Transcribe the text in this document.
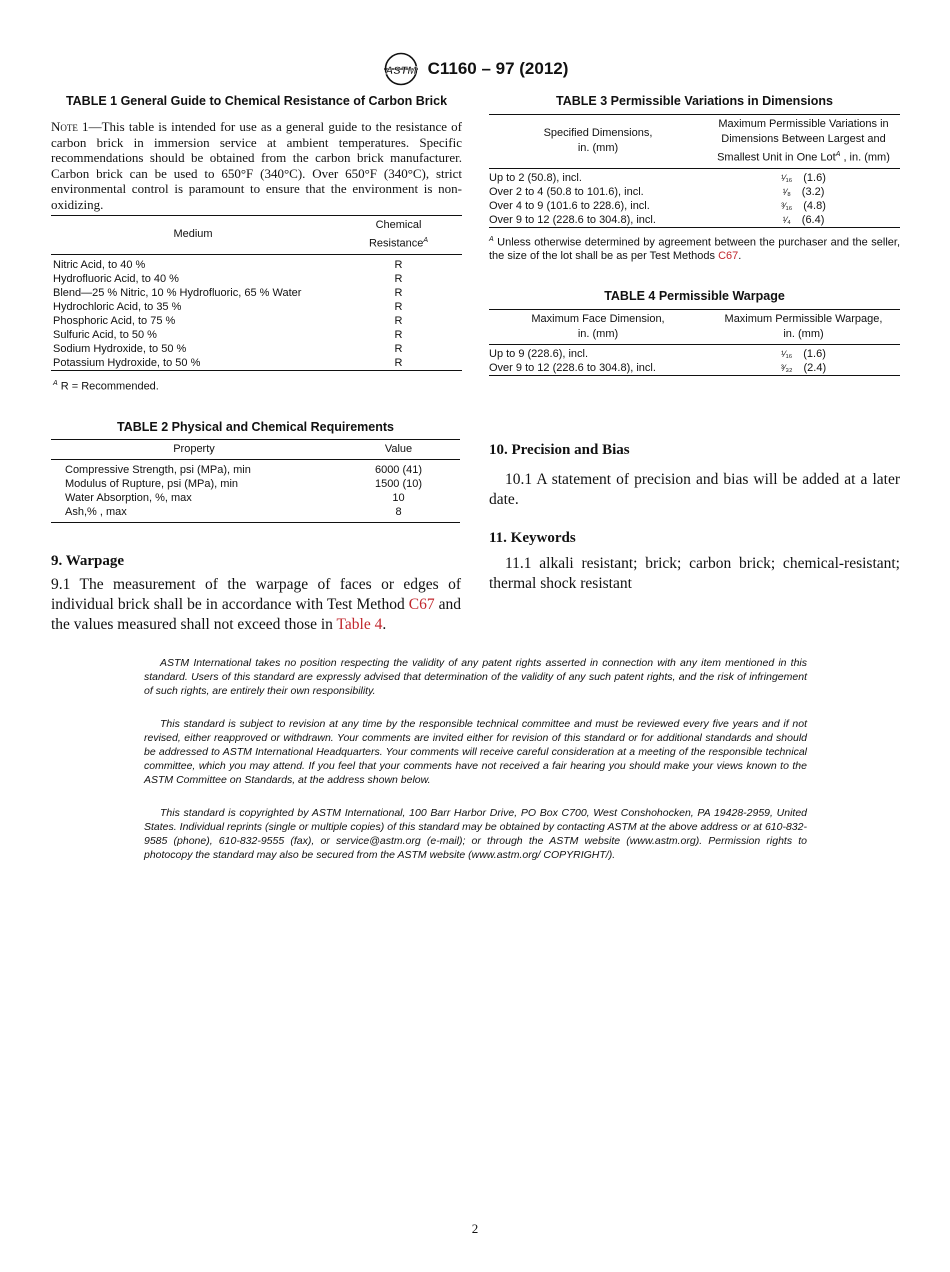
ASTM C1160 – 97 (2012)
TABLE 1 General Guide to Chemical Resistance of Carbon Brick
Note 1—This table is intended for use as a general guide to the resistance of carbon brick in immersion service at ambient temperatures. Specific recommendations should be obtained from the carbon brick manufacturer. Carbon brick can be used to 650°F (340°C). Over 650°F (340°C), strict environmental control is paramount to ensure that the environment is non-oxidizing.
Medium	Chemical
Resistance$^A$
Nitric Acid, to 40 %	R
Hydrofluoric Acid, to 40 %	R
Blend—25 % Nitric, 10 % Hydrofluoric, 65 % Water	R
Hydrochloric Acid, to 35 %	R
Phosphoric Acid, to 75 %	R
Sulfuric Acid, to 50 %	R
Sodium Hydroxide, to 50 %	R
Potassium Hydroxide, to 50 %	R
$^A$ R = Recommended.
TABLE 2 Physical and Chemical Requirements
Property	Value
Compressive Strength, psi (MPa), min	6000 (41)
Modulus of Rupture, psi (MPa), min	1500 (10)
Water Absorption, %, max	10
Ash,% , max	8
9. Warpage
9.1 The measurement of the warpage of faces or edges of individual brick shall be in accordance with Test Method C67 and the values measured shall not exceed those in Table 4.
TABLE 3 Permissible Variations in Dimensions
Specified Dimensions,
in. (mm)	Maximum Permissible Variations in
Dimensions Between Largest and
Smallest Unit in One Lot$^A$ , in. (mm)
Up to 2 (50.8), incl.	¹⁄₁₆  (1.6)
Over 2 to 4 (50.8 to 101.6), incl.	¹⁄₈  (3.2)
Over 4 to 9 (101.6 to 228.6), incl.	³⁄₁₆  (4.8)
Over 9 to 12 (228.6 to 304.8), incl.	¹⁄₄  (6.4)
$^A$ Unless otherwise determined by agreement between the purchaser and the seller, the size of the lot shall be as per Test Methods C67.
TABLE 4 Permissible Warpage
Maximum Face Dimension,
in. (mm)	Maximum Permissible Warpage,
in. (mm)
Up to 9 (228.6), incl.	¹⁄₁₆  (1.6)
Over 9 to 12 (228.6 to 304.8), incl.	³⁄₃₂  (2.4)
10. Precision and Bias
10.1 A statement of precision and bias will be added at a later date.
11. Keywords
11.1 alkali resistant; brick; carbon brick; chemical-resistant; thermal shock resistant
ASTM International takes no position respecting the validity of any patent rights asserted in connection with any item mentioned in this standard. Users of this standard are expressly advised that determination of the validity of any such patent rights, and the risk of infringement of such rights, are entirely their own responsibility.
This standard is subject to revision at any time by the responsible technical committee and must be reviewed every five years and if not revised, either reapproved or withdrawn. Your comments are invited either for revision of this standard or for additional standards and should be addressed to ASTM International Headquarters. Your comments will receive careful consideration at a meeting of the responsible technical committee, which you may attend. If you feel that your comments have not received a fair hearing you should make your views known to the ASTM Committee on Standards, at the address shown below.
This standard is copyrighted by ASTM International, 100 Barr Harbor Drive, PO Box C700, West Conshohocken, PA 19428-2959, United States. Individual reprints (single or multiple copies) of this standard may be obtained by contacting ASTM at the above address or at 610-832-9585 (phone), 610-832-9555 (fax), or service@astm.org (e-mail); or through the ASTM website (www.astm.org). Permission rights to photocopy the standard may also be secured from the ASTM website (www.astm.org/ COPYRIGHT/).
2
